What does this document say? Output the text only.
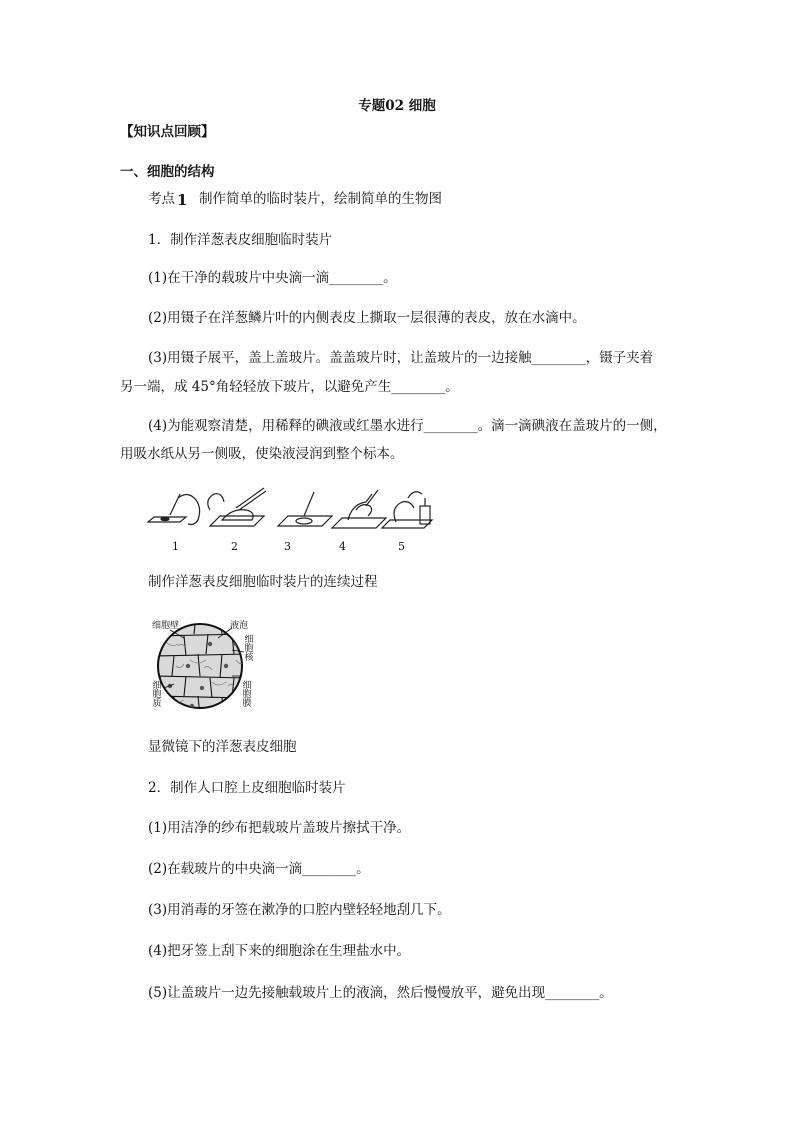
专题02 细胞
【知识点回顾】
一、细胞的结构
考点 1 制作简单的临时装片，绘制简单的生物图
1．制作洋葱表皮细胞临时装片
(1)在干净的载玻片中央滴一滴________。
(2)用镊子在洋葱鳞片叶的内侧表皮上撕取一层很薄的表皮，放在水滴中。
(3)用镊子展平，盖上盖玻片。盖盖玻片时，让盖玻片的一边接触________，镊子夹着
另一端，成 45°角轻轻放下玻片，以避免产生________。
(4)为能观察清楚，用稀释的碘液或红墨水进行________。滴一滴碘液在盖玻片的一侧，
用吸水纸从另一侧吸，使染液浸润到整个标本。
1	2	3	4	5
制作洋葱表皮细胞临时装片的连续过程
细胞壁	液泡
细胞核
细胞膜
细胞质
显微镜下的洋葱表皮细胞
2．制作人口腔上皮细胞临时装片
(1)用洁净的纱布把载玻片盖玻片擦拭干净。
(2)在载玻片的中央滴一滴________。
(3)用消毒的牙签在漱净的口腔内壁轻轻地刮几下。
(4)把牙签上刮下来的细胞涂在生理盐水中。
(5)让盖玻片一边先接触载玻片上的液滴，然后慢慢放平，避免出现________。
